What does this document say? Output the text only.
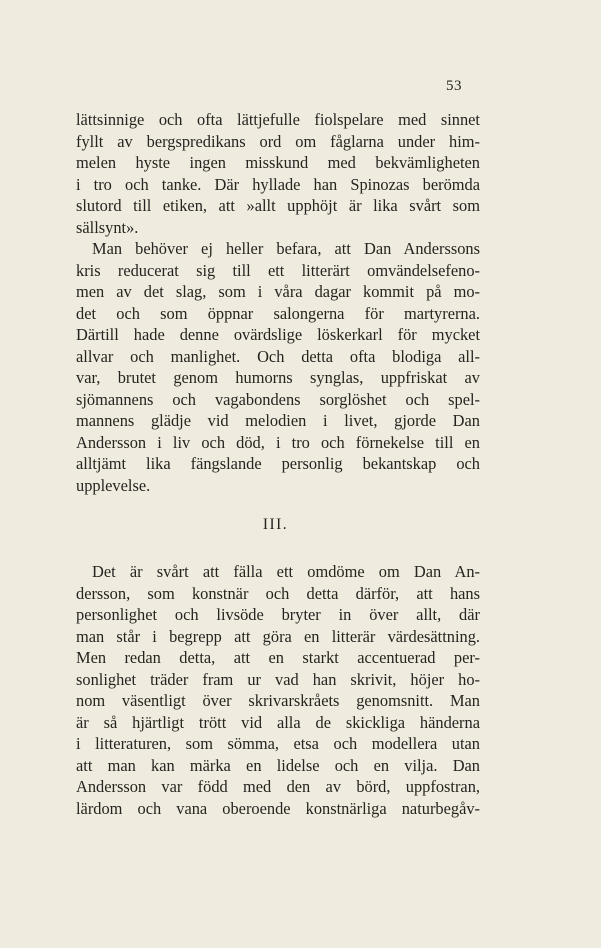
53
lättsinnige och ofta lättjefulle fiolspelare med sinnet
fyllt av bergspredikans ord om fåglarna under him-
melen hyste ingen misskund med bekvämligheten
i tro och tanke. Där hyllade han Spinozas berömda
slutord till etiken, att »allt upphöjt är lika svårt som
sällsynt».
Man behöver ej heller befara, att Dan Anderssons
kris reducerat sig till ett litterärt omvändelsefeno-
men av det slag, som i våra dagar kommit på mo-
det och som öppnar salongerna för martyrerna.
Därtill hade denne ovärdslige löskerkarl för mycket
allvar och manlighet. Och detta ofta blodiga all-
var, brutet genom humorns synglas, uppfriskat av
sjömannens och vagabondens sorglöshet och spel-
mannens glädje vid melodien i livet, gjorde Dan
Andersson i liv och död, i tro och förnekelse till en
alltjämt lika fängslande personlig bekantskap och
upplevelse.
III.
Det är svårt att fälla ett omdöme om Dan An-
dersson, som konstnär och detta därför, att hans
personlighet och livsöde bryter in över allt, där
man står i begrepp att göra en litterär värdesättning.
Men redan detta, att en starkt accentuerad per-
sonlighet träder fram ur vad han skrivit, höjer ho-
nom väsentligt över skrivarskråets genomsnitt. Man
är så hjärtligt trött vid alla de skickliga händerna
i litteraturen, som sömma, etsa och modellera utan
att man kan märka en lidelse och en vilja. Dan
Andersson var född med den av börd, uppfostran,
lärdom och vana oberoende konstnärliga naturbegåv-
